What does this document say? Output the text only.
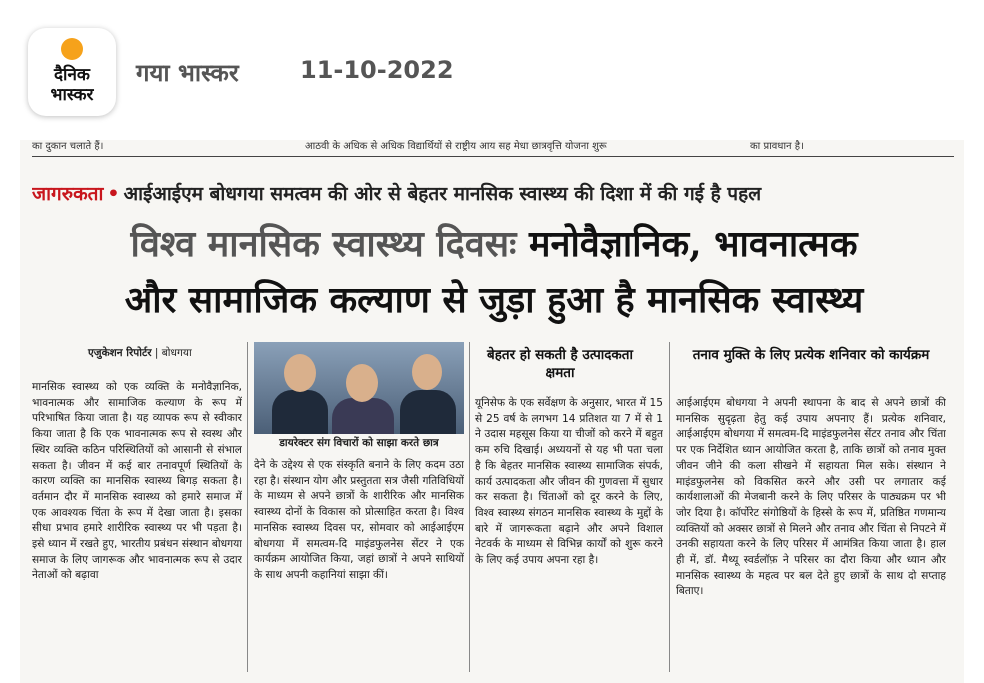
दैनिक
भास्कर
गया भास्कर	11-10-2022
का दुकान चलाते हैं।	आठवी के अधिक से अधिक विद्यार्थियों से राष्ट्रीय आय सह मेधा छात्रवृत्ति योजना शुरू	का प्रावधान है।
जागरुकता • आईआईएम बोधगया समत्वम की ओर से बेहतर मानसिक स्वास्थ्य की दिशा में की गई है पहल
विश्व मानसिक स्वास्थ्य दिवसः मनोवैज्ञानिक, भावनात्मक
और सामाजिक कल्याण से जुड़ा हुआ है मानसिक स्वास्थ्य
एजुकेशन रिपोर्टर | बोधगया
मानसिक स्वास्थ्य को एक व्यक्ति के मनोवैज्ञानिक, भावनात्मक और सामाजिक कल्याण के रूप में परिभाषित किया जाता है। यह व्यापक रूप से स्वीकार किया जाता है कि एक भावनात्मक रूप से स्वस्थ और स्थिर व्यक्ति कठिन परिस्थितियों को आसानी से संभाल सकता है। जीवन में कई बार तनावपूर्ण स्थितियों के कारण व्यक्ति का मानसिक स्वास्थ्य बिगड़ सकता है। वर्तमान दौर में मानसिक स्वास्थ्य को हमारे समाज में एक आवश्यक चिंता के रूप में देखा जाता है। इसका सीधा प्रभाव हमारे शारीरिक स्वास्थ्य पर भी पड़ता है। इसे ध्यान में रखते हुए, भारतीय प्रबंधन संस्थान बोधगया समाज के लिए जागरूक और भावनात्मक रूप से उदार नेताओं को बढ़ावा
डायरेक्टर संग विचारों को साझा करते छात्र
देने के उद्देश्य से एक संस्कृति बनाने के लिए कदम उठा रहा है। संस्थान योग और प्रस्तुतता सत्र जैसी गतिविधियों के माध्यम से अपने छात्रों के शारीरिक और मानसिक स्वास्थ्य दोनों के विकास को प्रोत्साहित करता है। विश्व मानसिक स्वास्थ्य दिवस पर, सोमवार को आईआईएम बोधगया में समत्वम-दि माइंडफुलनेस सेंटर ने एक कार्यक्रम आयोजित किया, जहां छात्रों ने अपने साथियों के साथ अपनी कहानियां साझा कीं।
बेहतर हो सकती है उत्पादकता क्षमता
यूनिसेफ के एक सर्वेक्षण के अनुसार, भारत में 15 से 25 वर्ष के लगभग 14 प्रतिशत या 7 में से 1 ने उदास महसूस किया या चीजों को करने में बहुत कम रुचि दिखाई। अध्ययनों से यह भी पता चला है कि बेहतर मानसिक स्वास्थ्य सामाजिक संपर्क, कार्य उत्पादकता और जीवन की गुणवत्ता में सुधार कर सकता है। चिंताओं को दूर करने के लिए, विश्व स्वास्थ्य संगठन मानसिक स्वास्थ्य के मुद्दों के बारे में जागरूकता बढ़ाने और अपने विशाल नेटवर्क के माध्यम से विभिन्न कार्यों को शुरू करने के लिए कई उपाय अपना रहा है।
तनाव मुक्ति के लिए प्रत्येक शनिवार को कार्यक्रम
आईआईएम बोधगया ने अपनी स्थापना के बाद से अपने छात्रों की मानसिक सुदृढ़ता हेतु कई उपाय अपनाए हैं। प्रत्येक शनिवार, आईआईएम बोधगया में समत्वम-दि माइंडफुलनेस सेंटर तनाव और चिंता पर एक निर्देशित ध्यान आयोजित करता है, ताकि छात्रों को तनाव मुक्त जीवन जीने की कला सीखने में सहायता मिल सके। संस्थान ने माइंडफुलनेस को विकसित करने और उसी पर लगातार कई कार्यशालाओं की मेजबानी करने के लिए परिसर के पाठ्यक्रम पर भी जोर दिया है। कॉर्पोरेट संगोष्ठियों के हिस्से के रूप में, प्रतिष्ठित गणमान्य व्यक्तियों को अक्सर छात्रों से मिलने और तनाव और चिंता से निपटने में उनकी सहायता करने के लिए परिसर में आमंत्रित किया जाता है। हाल ही में, डॉ. मैथ्यू स्वर्डलॉफ़ ने परिसर का दौरा किया और ध्यान और मानसिक स्वास्थ्य के महत्व पर बल देते हुए छात्रों के साथ दो सप्ताह बिताए।
